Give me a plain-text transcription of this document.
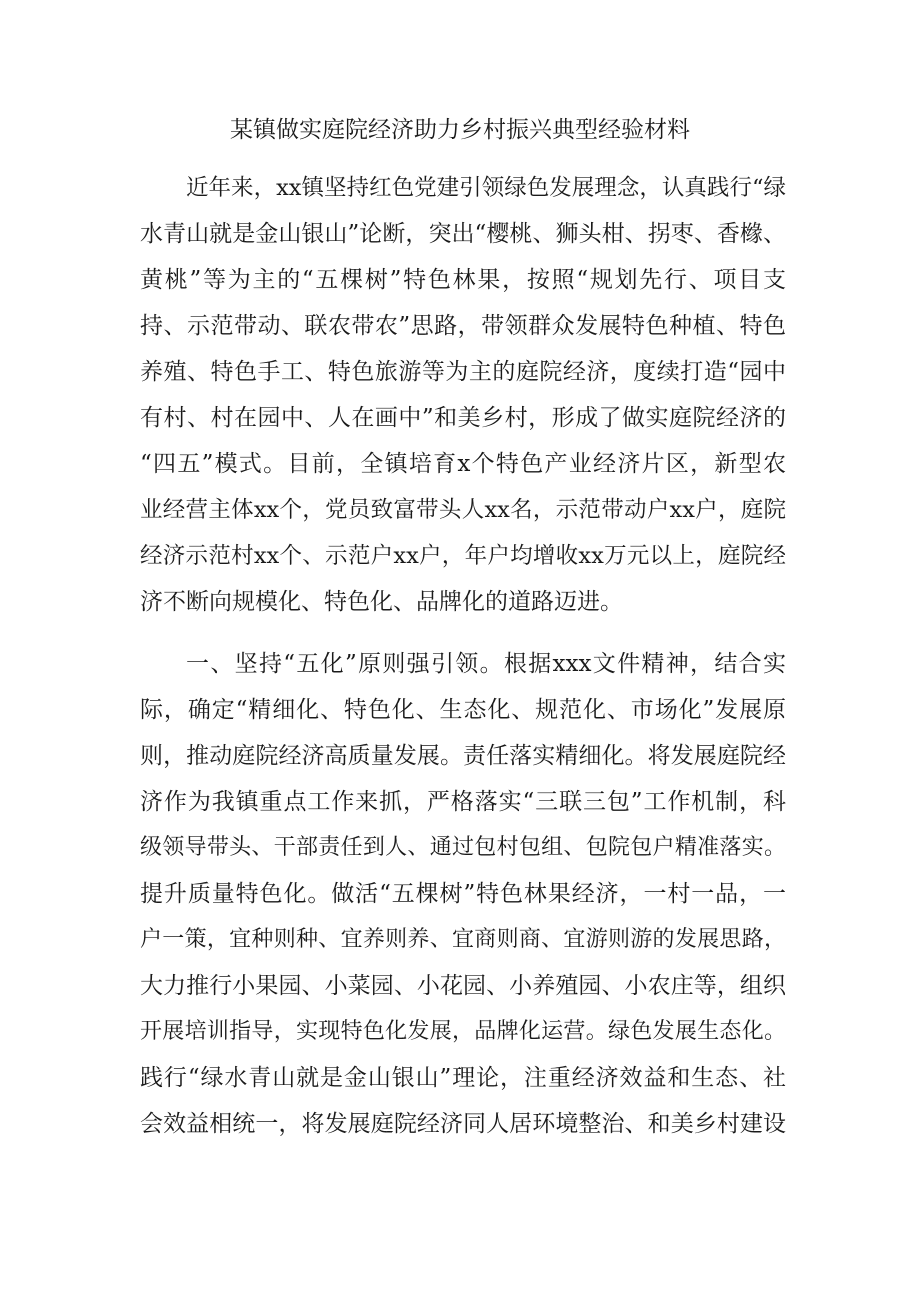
某镇做实庭院经济助力乡村振兴典型经验材料
近年来，xx镇坚持红色党建引领绿色发展理念，认真践行“绿
水青山就是金山银山”论断，突出“樱桃、狮头柑、拐枣、香橼、
黄桃”等为主的“五棵树”特色林果，按照“规划先行、项目支
持、示范带动、联农带农”思路，带领群众发展特色种植、特色
养殖、特色手工、特色旅游等为主的庭院经济，度续打造“园中
有村、村在园中、人在画中”和美乡村，形成了做实庭院经济的
“四五”模式。目前，全镇培育x个特色产业经济片区，新型农
业经营主体xx个，党员致富带头人xx名，示范带动户xx户，庭院
经济示范村xx个、示范户xx户，年户均增收xx万元以上，庭院经
济不断向规模化、特色化、品牌化的道路迈进。
一、坚持“五化”原则强引领。根据xxx文件精神，结合实
际，确定“精细化、特色化、生态化、规范化、市场化”发展原
则，推动庭院经济高质量发展。责任落实精细化。将发展庭院经
济作为我镇重点工作来抓，严格落实“三联三包”工作机制，科
级领导带头、干部责任到人、通过包村包组、包院包户精准落实。
提升质量特色化。做活“五棵树”特色林果经济，一村一品，一
户一策，宜种则种、宜养则养、宜商则商、宜游则游的发展思路，
大力推行小果园、小菜园、小花园、小养殖园、小农庄等，组织
开展培训指导，实现特色化发展，品牌化运营。绿色发展生态化。
践行“绿水青山就是金山银山”理论，注重经济效益和生态、社
会效益相统一，将发展庭院经济同人居环境整治、和美乡村建设
